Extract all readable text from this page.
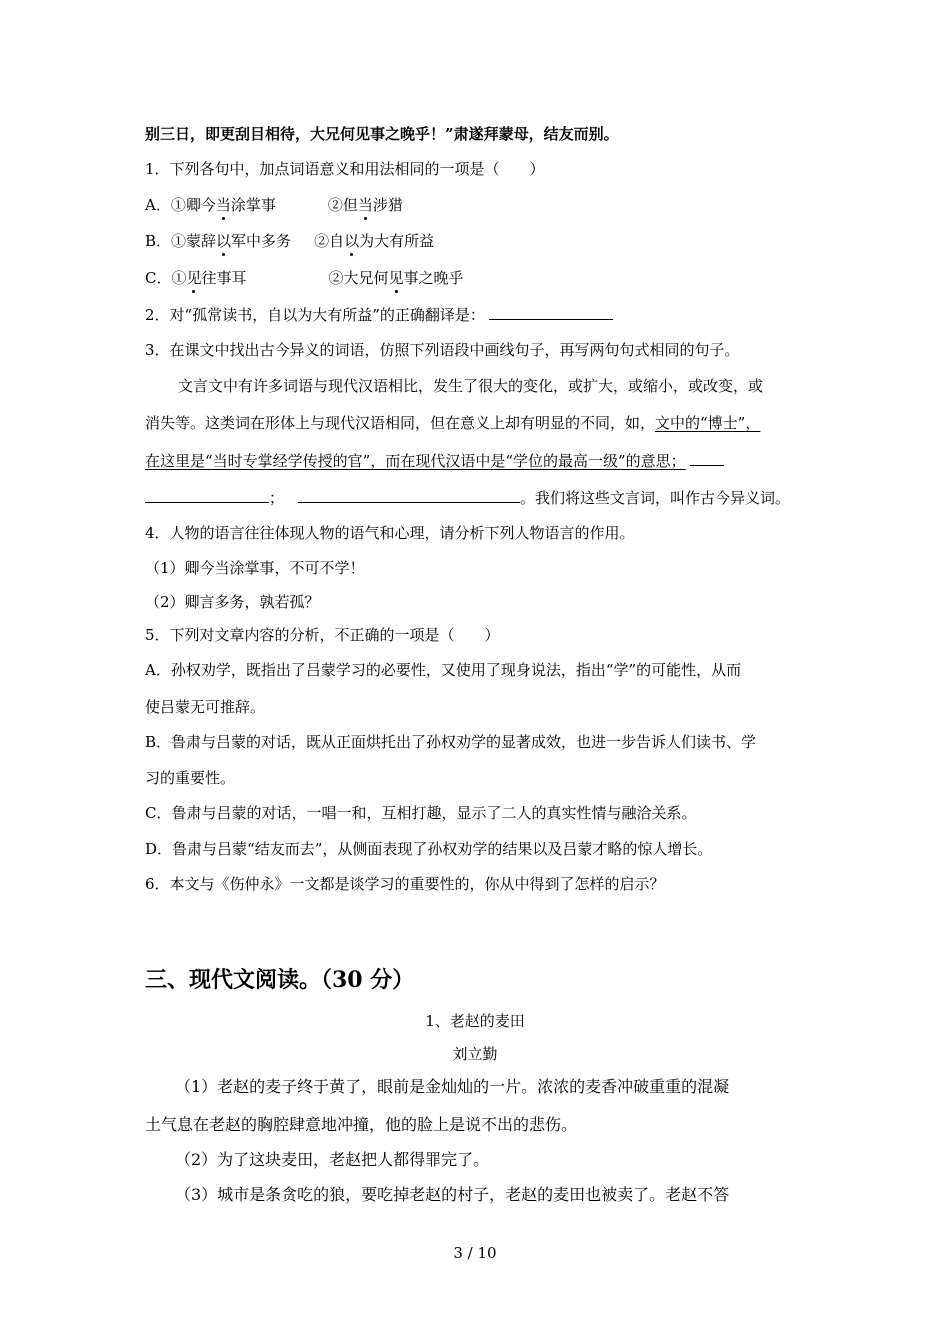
别三日，即更刮目相待，大兄何见事之晚乎！”肃遂拜蒙母，结友而别。
1．下列各句中，加点词语意义和用法相同的一项是（　　）
A．①卿今当涂掌事	②但当涉猎
B．①蒙辞以军中多务 ②自以为大有所益
C．①见往事耳	②大兄何见事之晚乎
2．对“孤常读书，自以为大有所益”的正确翻译是：
3．在课文中找出古今异义的词语，仿照下列语段中画线句子，再写两句句式相同的句子。
文言文中有许多词语与现代汉语相比，发生了很大的变化，或扩大，或缩小，或改变，或
消失等。这类词在形体上与现代汉语相同，但在意义上却有明显的不同，如，文中的“博士”，
在这里是“当时专掌经学传授的官”，而在现代汉语中是“学位的最高一级”的意思；
；	。我们将这些文言词，叫作古今异义词。
4．人物的语言往往体现人物的语气和心理，请分析下列人物语言的作用。
（1）卿今当涂掌事，不可不学！
（2）卿言多务，孰若孤？
5．下列对文章内容的分析，不正确的一项是（　　）
A．孙权劝学，既指出了吕蒙学习的必要性，又使用了现身说法，指出“学”的可能性，从而
使吕蒙无可推辞。
B．鲁肃与吕蒙的对话，既从正面烘托出了孙权劝学的显著成效，也进一步告诉人们读书、学
习的重要性。
C．鲁肃与吕蒙的对话，一唱一和，互相打趣，显示了二人的真实性情与融洽关系。
D．鲁肃与吕蒙“结友而去”，从侧面表现了孙权劝学的结果以及吕蒙才略的惊人增长。
6．本文与《伤仲永》一文都是谈学习的重要性的，你从中得到了怎样的启示？
三、现代文阅读。（30 分）
1、老赵的麦田
刘立勤
（1）老赵的麦子终于黄了，眼前是金灿灿的一片。浓浓的麦香冲破重重的混凝
土气息在老赵的胸腔肆意地冲撞，他的脸上是说不出的悲伤。
（2）为了这块麦田，老赵把人都得罪完了。
（3）城市是条贪吃的狼，要吃掉老赵的村子，老赵的麦田也被卖了。老赵不答
3 / 10
